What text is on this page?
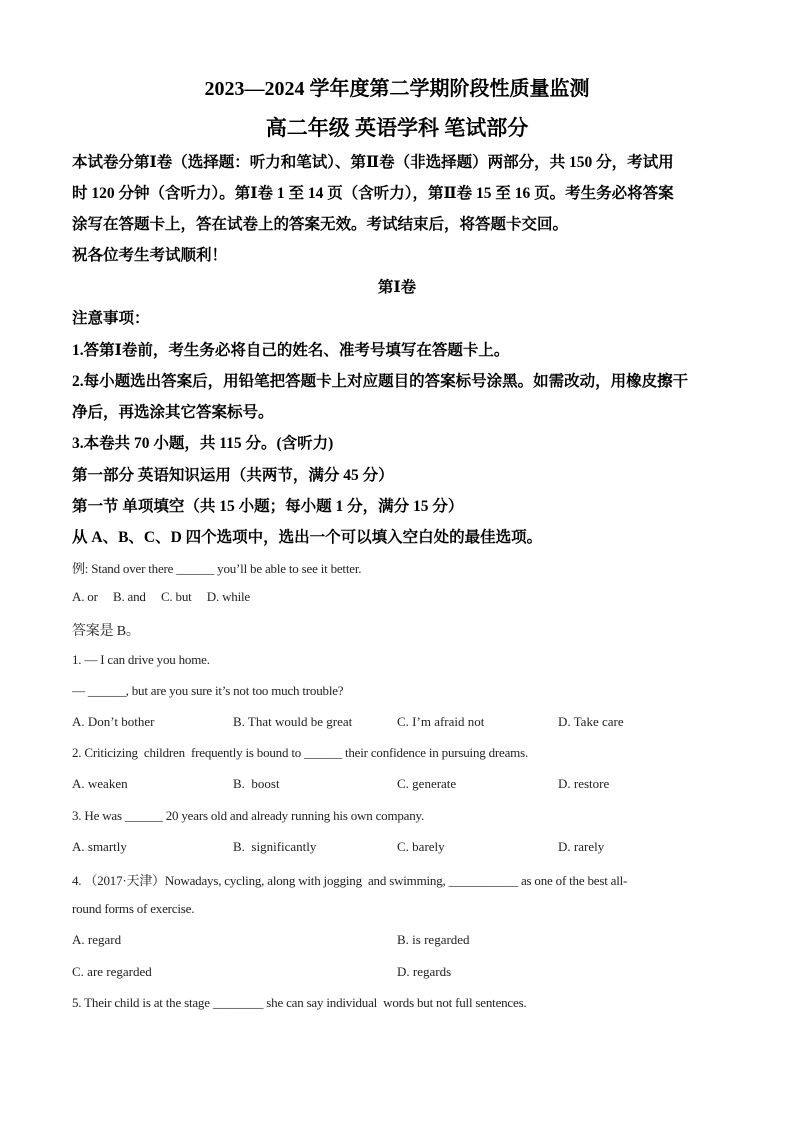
2023—2024 学年度第二学期阶段性质量监测
高二年级 英语学科 笔试部分
本试卷分第Ⅰ卷（选择题：听力和笔试）、第Ⅱ卷（非选择题）两部分，共 150 分，考试用
时 120 分钟（含听力）。第Ⅰ卷 1 至 14 页（含听力），第Ⅱ卷 15 至 16 页。考生务必将答案
涂写在答题卡上，答在试卷上的答案无效。考试结束后，将答题卡交回。
祝各位考生考试顺利！
第Ⅰ卷
注意事项：
1.答第Ⅰ卷前，考生务必将自己的姓名、准考号填写在答题卡上。
2.每小题选出答案后，用铅笔把答题卡上对应题目的答案标号涂黑。如需改动，用橡皮擦干
净后，再选涂其它答案标号。
3.本卷共 70 小题，共 115 分。(含听力)
第一部分 英语知识运用（共两节，满分 45 分）
第一节 单项填空（共 15 小题；每小题 1 分，满分 15 分）
从 A、B、C、D 四个选项中，选出一个可以填入空白处的最佳选项。
例: Stand over there ______ you’ll be able to see it better.
A. or     B. and     C. but     D. while
答案是 B。
1. — I can drive you home.
— ______, but are you sure it’s not too much trouble?
A. Don’t bother	B. That would be great	C. I’m afraid not	D. Take care
2. Criticizing  children  frequently is bound to ______ their confidence in pursuing dreams.
A. weaken	B.  boost	C. generate	D. restore
3. He was ______ 20 years old and already running his own company.
A. smartly	B.  significantly	C. barely	D. rarely
4. （2017·天津）Nowadays, cycling, along with jogging  and swimming, ___________ as one of the best all-
round forms of exercise.
A. regard	B. is regarded
C. are regarded	D. regards
5. Their child is at the stage ________ she can say individual  words but not full sentences.
